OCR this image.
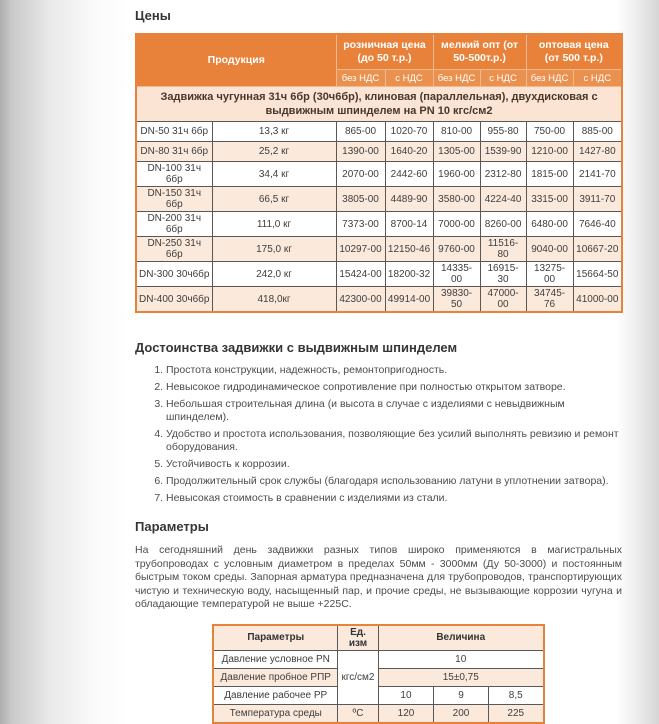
Цены
Продукция		розничная цена (до 50 т.р.)		мелкий опт (от 50-500т.р.)		оптовая цена (от 500 т.р.)	
		без НДС	с НДС	без НДС	с НДС	без НДС	с НДС
Задвижка чугунная 31ч 6бр (30ч6бр), клиновая (параллельная), двухдисковая с выдвижным шпинделем на PN 10 кгс/см2							
DN-50 31ч 6бр	13,3 кг	865-00	1020-70	810-00	955-80	750-00	885-00
DN-80 31ч 6бр	25,2 кг	1390-00	1640-20	1305-00	1539-90	1210-00	1427-80
DN-100 31ч 6бр	34,4 кг	2070-00	2442-60	1960-00	2312-80	1815-00	2141-70
DN-150 31ч 6бр	66,5 кг	3805-00	4489-90	3580-00	4224-40	3315-00	3911-70
DN-200 31ч 6бр	111,0 кг	7373-00	8700-14	7000-00	8260-00	6480-00	7646-40
DN-250 31ч 6бр	175,0 кг	10297-00	12150-46	9760-00	11516-80	9040-00	10667-20
DN-300 30ч6бр	242,0 кг	15424-00	18200-32	14335-00	16915-30	13275-00	15664-50
DN-400 30ч6бр	418,0кг	42300-00	49914-00	39830-50	47000-00	34745-76	41000-00
Достоинства задвижки с выдвижным шпинделем
1. Простота конструкции, надежность, ремонтопригодность.
2. Невысокое гидродинамическое сопротивление при полностью открытом затворе.
3. Небольшая строительная длина (и высота в случае с изделиями с невыдвижным шпинделем).
4. Удобство и простота использования, позволяющие без усилий выполнять ревизию и ремонт оборудования.
5. Устойчивость к коррозии.
6. Продолжительный срок службы (благодаря использованию латуни в уплотнении затвора).
7. Невысокая стоимость в сравнении с изделиями из стали.
Параметры

На сегодняшний день задвижки разных типов широко применяются в магистральных трубопроводах с условным диаметром в пределах 50мм - 3000мм (Ду 50-3000) и постоянным быстрым током среды. Запорная арматура предназначена для трубопроводов, транспортирующих чистую и техническую воду, насыщенный пар, и прочие среды, не вызывающие коррозии чугуна и обладающие температурой не выше +225С.

Параметры	Ед. изм	Величина		
Давление условное PN	кгс/см2	10		
Давление пробное РПР		15±0,75		
Давление рабочее РР		10	9	8,5
Температура среды	ºС	120	200	225
